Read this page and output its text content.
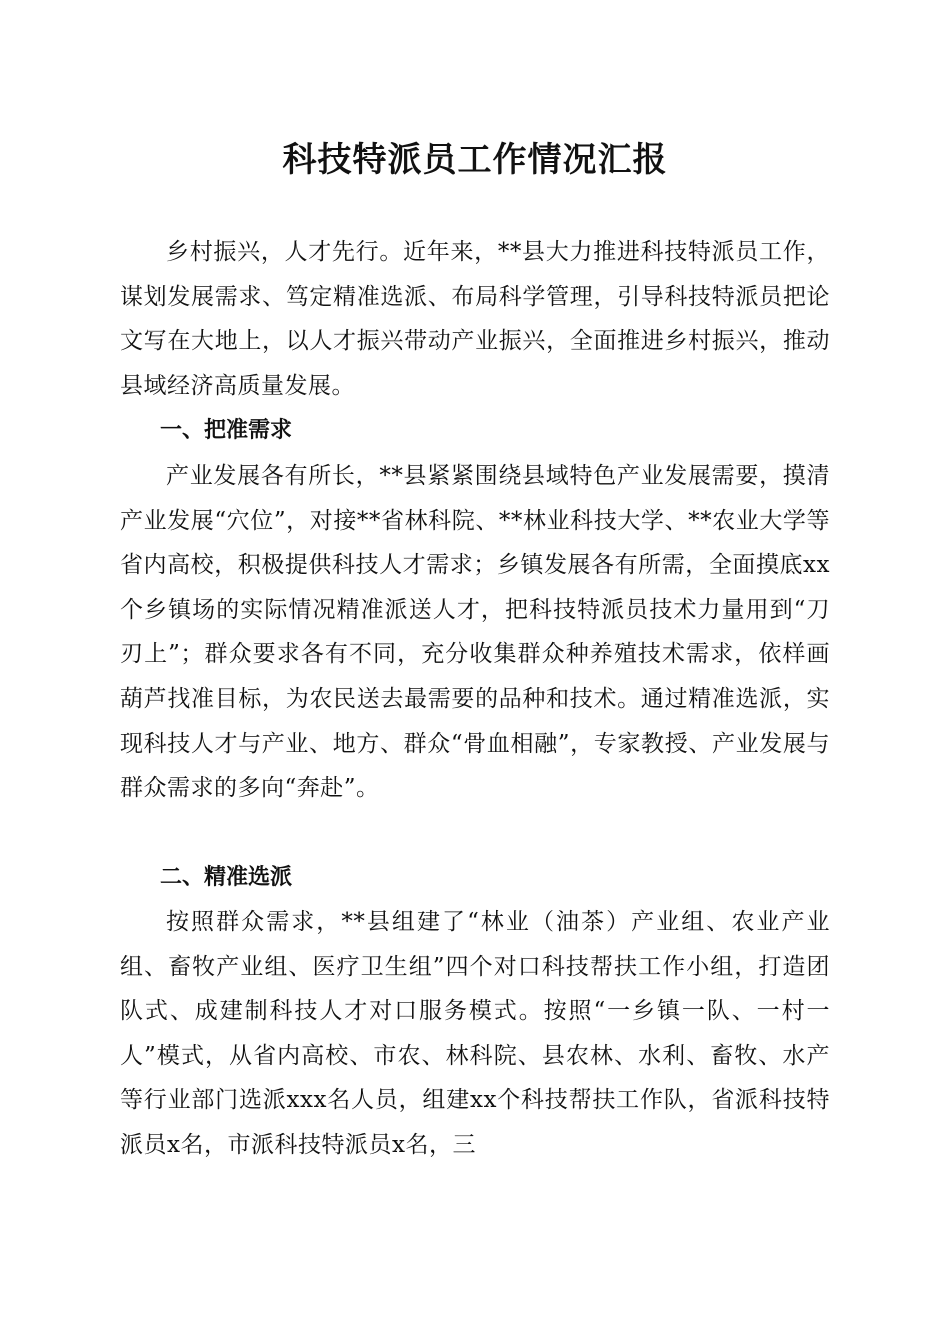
科技特派员工作情况汇报

乡村振兴，人才先行。近年来，**县大力推进科技特派员工作，谋划发展需求、笃定精准选派、布局科学管理，引导科技特派员把论文写在大地上，以人才振兴带动产业振兴，全面推进乡村振兴，推动县域经济高质量发展。

一、把准需求

产业发展各有所长，**县紧紧围绕县域特色产业发展需要，摸清产业发展“穴位”，对接**省林科院、**林业科技大学、**农业大学等省内高校，积极提供科技人才需求；乡镇发展各有所需，全面摸底xx个乡镇场的实际情况精准派送人才，把科技特派员技术力量用到“刀刃上”；群众要求各有不同，充分收集群众种养殖技术需求，依样画葫芦找准目标，为农民送去最需要的品种和技术。通过精准选派，实现科技人才与产业、地方、群众“骨血相融”，专家教授、产业发展与群众需求的多向“奔赴”。

二、精准选派

按照群众需求，**县组建了“林业（油茶）产业组、农业产业组、畜牧产业组、医疗卫生组”四个对口科技帮扶工作小组，打造团队式、成建制科技人才对口服务模式。按照“一乡镇一队、一村一人”模式，从省内高校、市农、林科院、县农林、水利、畜牧、水产等行业部门选派xxx名人员，组建xx个科技帮扶工作队，省派科技特派员x名，市派科技特派员x名，三
